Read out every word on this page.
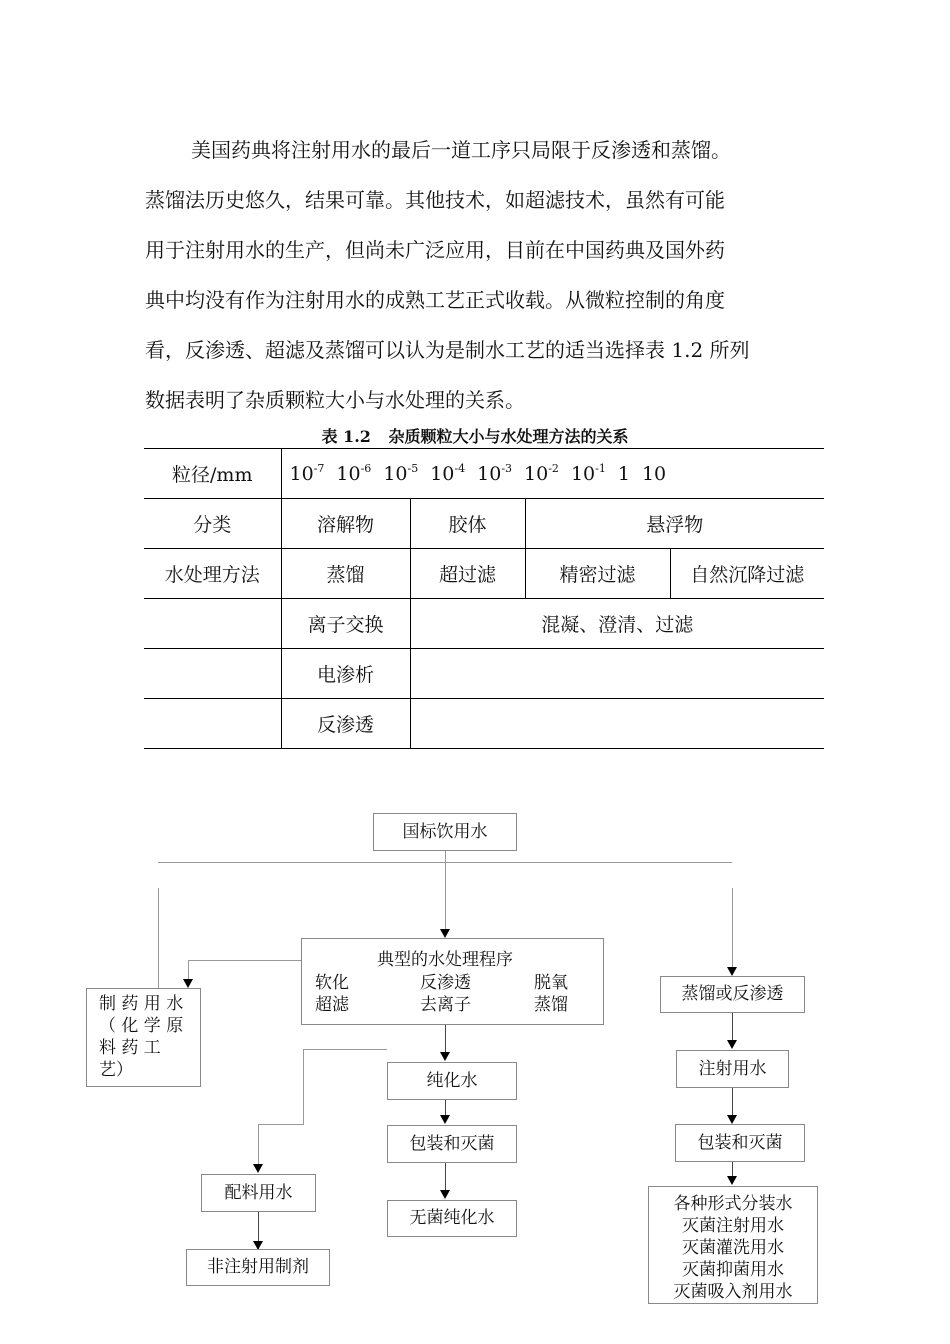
美国药典将注射用水的最后一道工序只局限于反渗透和蒸馏。
蒸馏法历史悠久，结果可靠。其他技术，如超滤技术，虽然有可能
用于注射用水的生产，但尚未广泛应用，目前在中国药典及国外药
典中均没有作为注射用水的成熟工艺正式收载。从微粒控制的角度
看，反渗透、超滤及蒸馏可以认为是制水工艺的适当选择表 1.2 所列
数据表明了杂质颗粒大小与水处理的关系。
表 1.2 杂质颗粒大小与水处理方法的关系
粒径/mm	$10^{-7}$ $10^{-6}$ $10^{-5}$ $10^{-4}$ $10^{-3}$ $10^{-2}$ $10^{-1}$ 1 10			
分类	溶解物	胶体	悬浮物	
水处理方法	蒸馏	超过滤	精密过滤	自然沉降过滤
	离子交换	混凝、澄清、过滤		
	电渗析			
	反渗透			
国标饮用水
典型的水处理程序
软化	反渗透	脱氧
超滤	去离子	蒸馏
制 药 用 水
（ 化 学 原
料 药 工
艺）
蒸馏或反渗透
纯化水
注射用水
包装和灭菌	包装和灭菌
配料用水
各种形式分装水
灭菌注射用水
灭菌灌洗用水
灭菌抑菌用水
灭菌吸入剂用水
无菌纯化水
非注射用制剂
